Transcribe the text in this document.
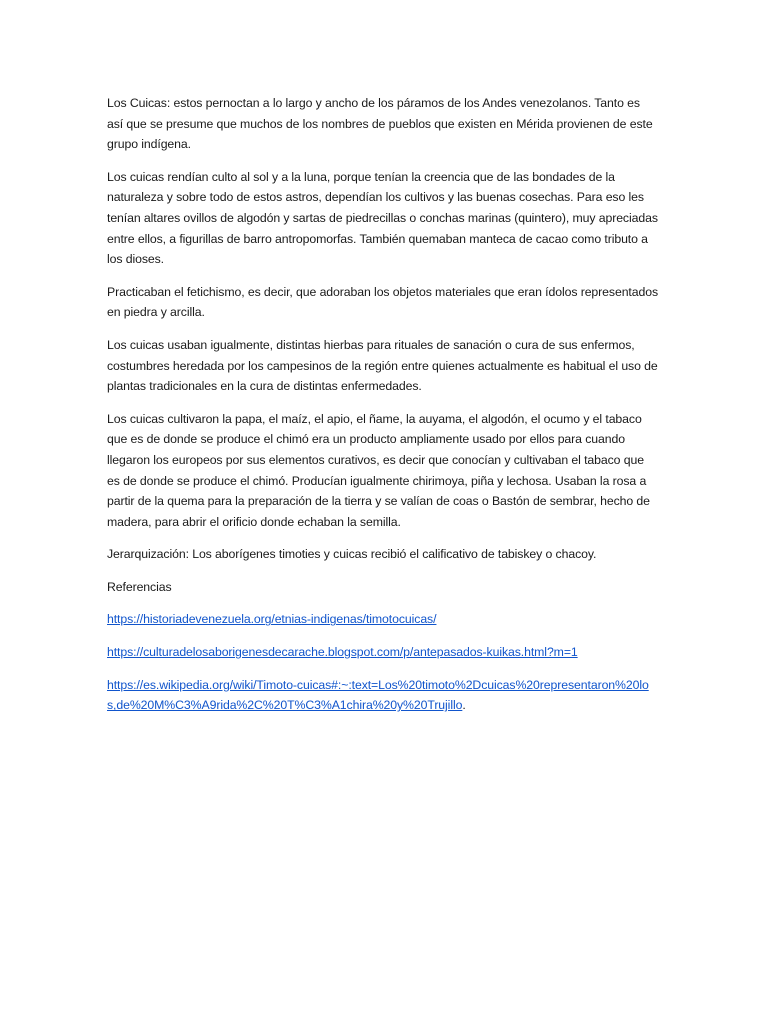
Los Cuicas: estos pernoctan a lo largo y ancho de los páramos de los Andes venezolanos. Tanto es así que se presume que muchos de los nombres de pueblos que existen en Mérida provienen de este grupo indígena.

Los cuicas rendían culto al sol y a la luna, porque tenían la creencia que de las bondades de la naturaleza y sobre todo de estos astros, dependían los cultivos y las buenas cosechas. Para eso les tenían altares ovillos de algodón y sartas de piedrecillas o conchas marinas (quintero), muy apreciadas entre ellos, a figurillas de barro antropomorfas. También quemaban manteca de cacao como tributo a los dioses.

Practicaban el fetichismo, es decir, que adoraban los objetos materiales que eran ídolos representados en piedra y arcilla.

Los cuicas usaban igualmente, distintas hierbas para rituales de sanación o cura de sus enfermos, costumbres heredada por los campesinos de la región entre quienes actualmente es habitual el uso de plantas tradicionales en la cura de distintas enfermedades.

Los cuicas cultivaron la papa, el maíz, el apio, el ñame, la auyama, el algodón, el ocumo y el tabaco que es de donde se produce el chimó era un producto ampliamente usado por ellos para cuando llegaron los europeos por sus elementos curativos, es decir que conocían y cultivaban el tabaco que es de donde se produce el chimó. Producían igualmente chirimoya, piña y lechosa. Usaban la rosa a partir de la quema para la preparación de la tierra y se valían de coas o Bastón de sembrar, hecho de madera, para abrir el orificio donde echaban la semilla.

Jerarquización: Los aborígenes timoties y cuicas recibió el calificativo de tabiskey o chacoy.

Referencias

https://historiadevenezuela.org/etnias-indigenas/timotocuicas/

https://culturadelosaborigenesdecarache.blogspot.com/p/antepasados-kuikas.html?m=1

https://es.wikipedia.org/wiki/Timoto-cuicas#:~:text=Los%20timoto%2Dcuicas%20representaron%20los,de%20M%C3%A9rida%2C%20T%C3%A1chira%20y%20Trujillo.
